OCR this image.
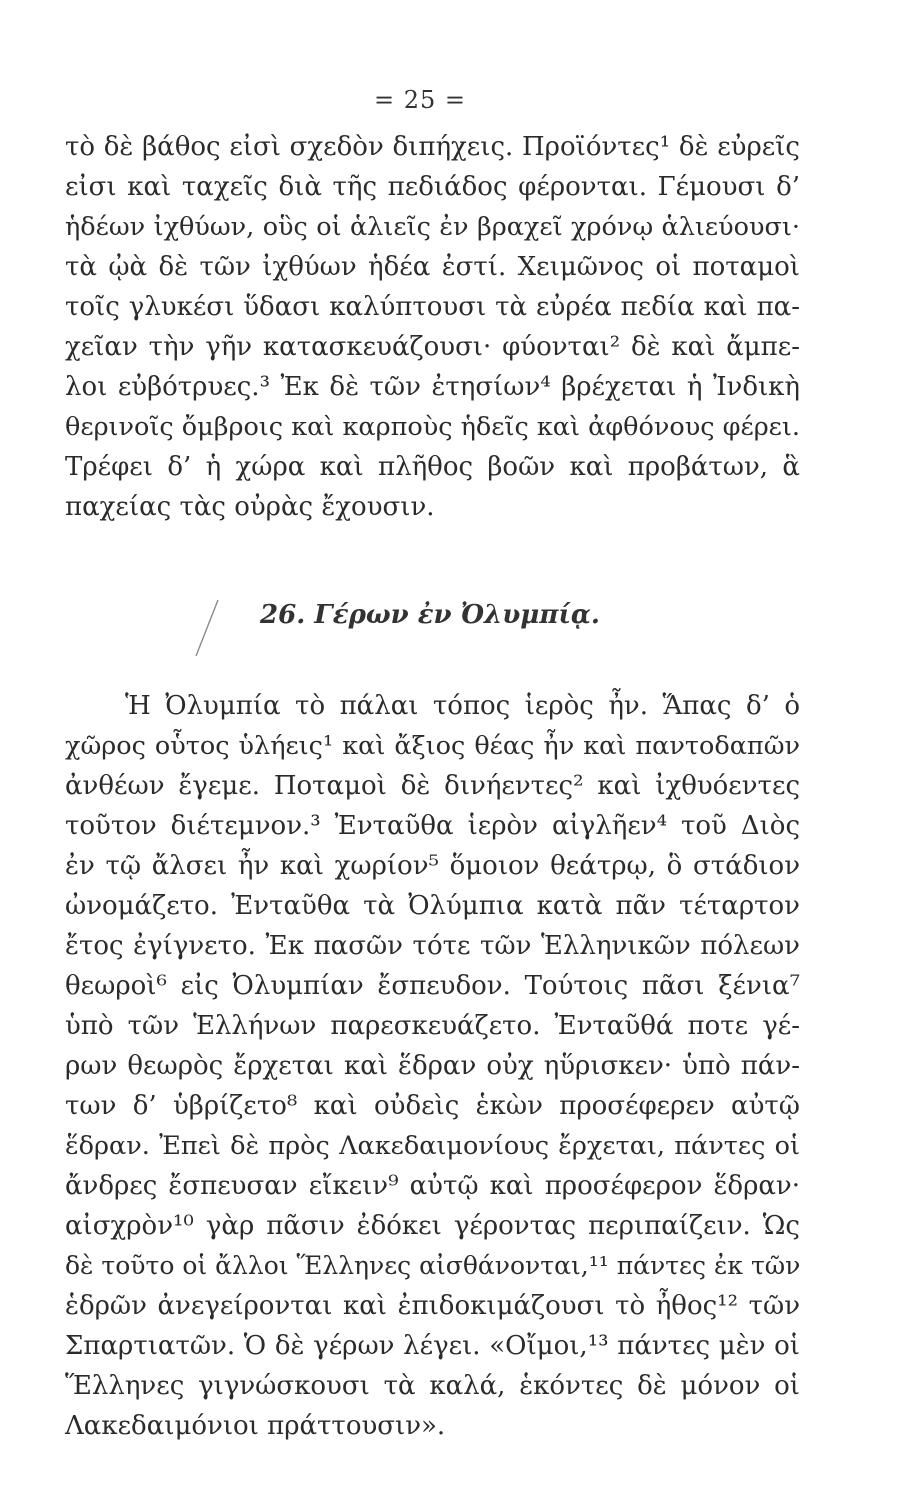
= 25 =
τὸ δὲ βάθος εἰσὶ σχεδὸν διπήχεις. Προϊόντες¹ δὲ εὐρεῖς
εἰσι καὶ ταχεῖς διὰ τῆς πεδιάδος φέρονται. Γέμουσι δ’
ἡδέων ἰχθύων, οὓς οἱ ἁλιεῖς ἐν βραχεῖ χρόνῳ ἁλιεύουσι·
τὰ ᾠὰ δὲ τῶν ἰχθύων ἡδέα ἐστί. Χειμῶνος οἱ ποταμοὶ
τοῖς γλυκέσι ὕδασι καλύπτουσι τὰ εὐρέα πεδία καὶ πα-
χεῖαν τὴν γῆν κατασκευάζουσι· φύονται² δὲ καὶ ἄμπε-
λοι εὐβότρυες.³ Ἐκ δὲ τῶν ἐτησίων⁴ βρέχεται ἡ Ἰνδικὴ
θερινοῖς ὄμβροις καὶ καρποὺς ἡδεῖς καὶ ἀφθόνους φέρει.
Τρέφει δ’ ἡ χώρα καὶ πλῆθος βοῶν καὶ προβάτων, ἃ
παχείας τὰς οὐρὰς ἔχουσιν.
26. Γέρων ἐν Ὀλυμπίᾳ.
Ἡ Ὀλυμπία τὸ πάλαι τόπος ἱερὸς ἦν. Ἅπας δ’ ὁ
χῶρος οὗτος ὑλήεις¹ καὶ ἄξιος θέας ἦν καὶ παντοδαπῶν
ἀνθέων ἔγεμε. Ποταμοὶ δὲ δινήεντες² καὶ ἰχθυόεντες
τοῦτον διέτεμνον.³ Ἐνταῦθα ἱερὸν αἰγλῆεν⁴ τοῦ Διὸς
ἐν τῷ ἄλσει ἦν καὶ χωρίον⁵ ὅμοιον θεάτρῳ, ὃ στάδιον
ὠνομάζετο. Ἐνταῦθα τὰ Ὀλύμπια κατὰ πᾶν τέταρτον
ἔτος ἐγίγνετο. Ἐκ πασῶν τότε τῶν Ἑλληνικῶν πόλεων
θεωροὶ⁶ εἰς Ὀλυμπίαν ἔσπευδον. Τούτοις πᾶσι ξένια⁷
ὑπὸ τῶν Ἑλλήνων παρεσκευάζετο. Ἐνταῦθά ποτε γέ-
ρων θεωρὸς ἔρχεται καὶ ἕδραν οὐχ ηὕρισκεν· ὑπὸ πάν-
των δ’ ὑβρίζετο⁸ καὶ οὐδεὶς ἑκὼν προσέφερεν αὐτῷ
ἕδραν. Ἐπεὶ δὲ πρὸς Λακεδαιμονίους ἔρχεται, πάντες οἱ
ἄνδρες ἔσπευσαν εἴκειν⁹ αὐτῷ καὶ προσέφερον ἕδραν·
αἰσχρὸν¹⁰ γὰρ πᾶσιν ἐδόκει γέροντας περιπαίζειν. Ὡς
δὲ τοῦτο οἱ ἄλλοι Ἕλληνες αἰσθάνονται,¹¹ πάντες ἐκ τῶν
ἑδρῶν ἀνεγείρονται καὶ ἐπιδοκιμάζουσι τὸ ἦθος¹² τῶν
Σπαρτιατῶν. Ὁ δὲ γέρων λέγει. «Οἴμοι,¹³ πάντες μὲν οἱ
Ἕλληνες γιγνώσκουσι τὰ καλά, ἑκόντες δὲ μόνον οἱ
Λακεδαιμόνιοι πράττουσιν».
